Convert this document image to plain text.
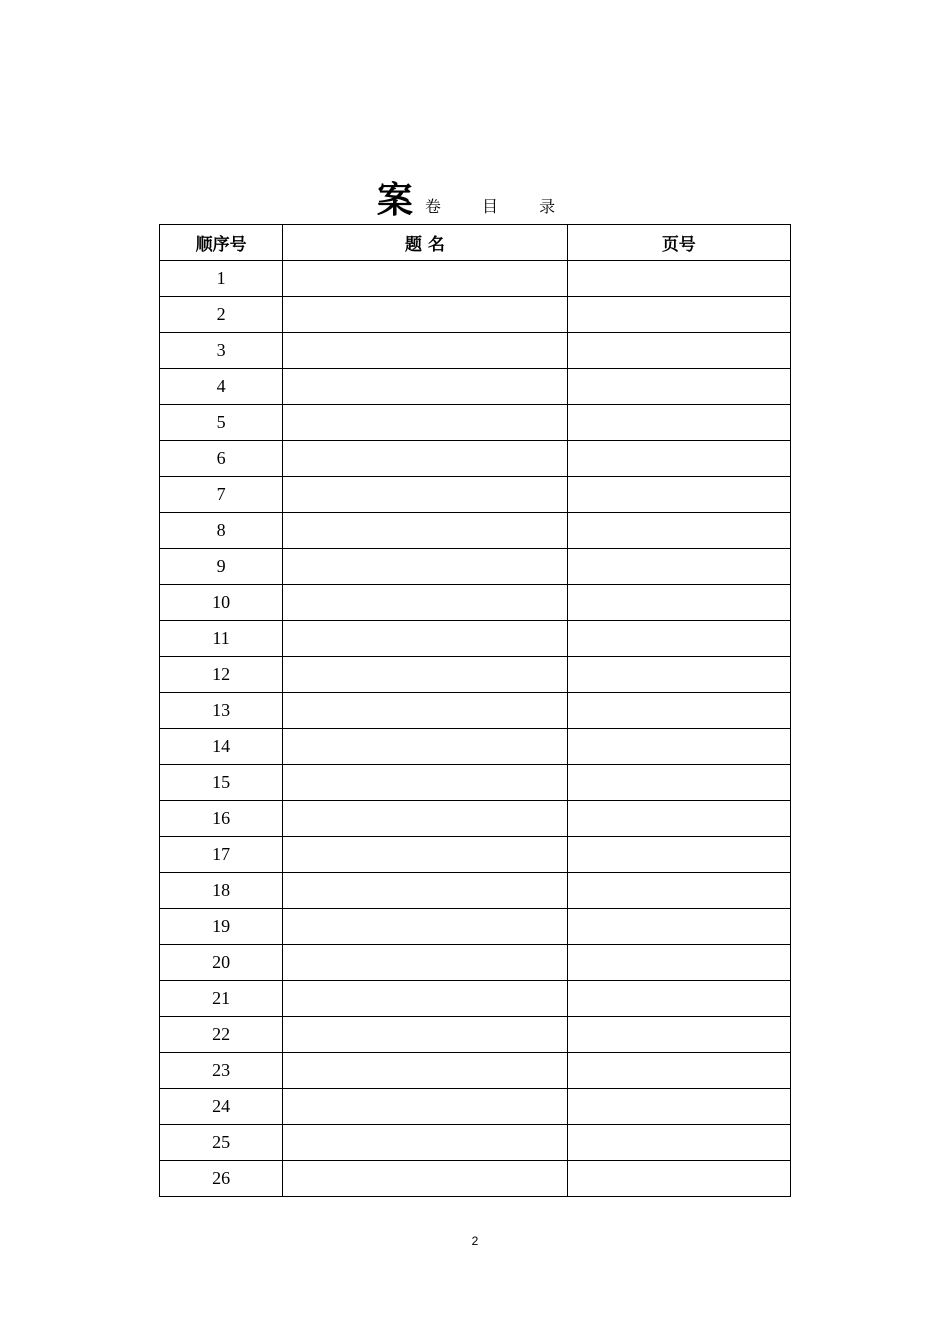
案卷 目 录
顺序号	题 名	页号
1		
2		
3		
4		
5		
6		
7		
8		
9		
10		
11		
12		
13		
14		
15		
16		
17		
18		
19		
20		
21		
22		
23		
24		
25		
26		
2
